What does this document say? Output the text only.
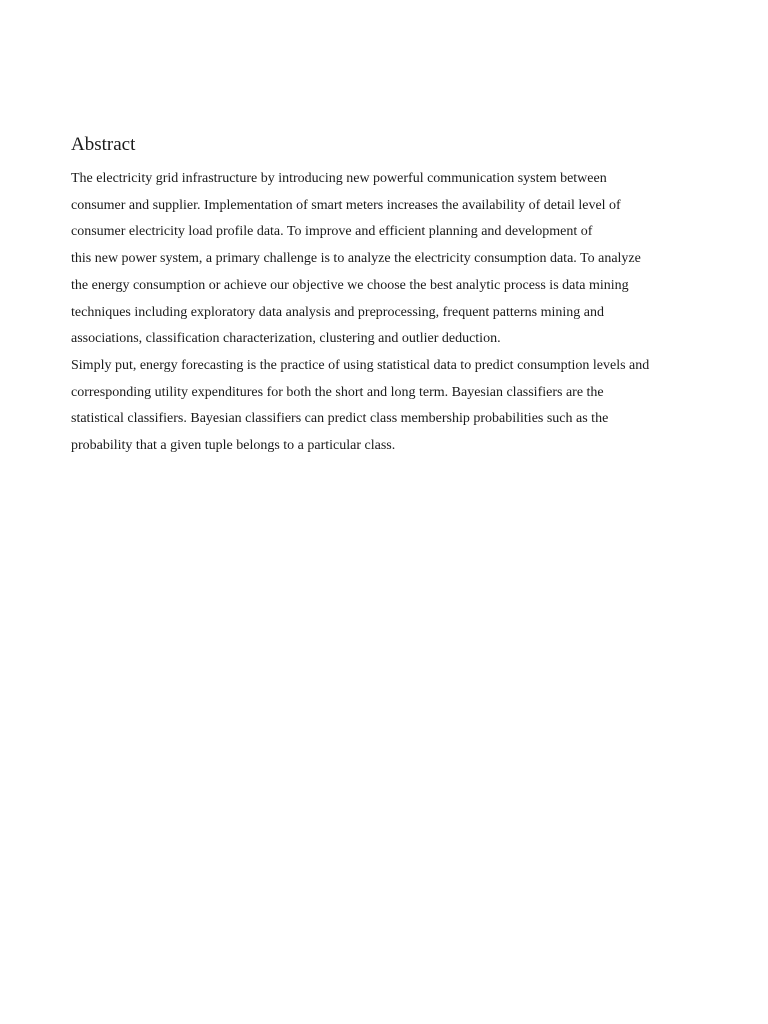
Abstract
The electricity grid infrastructure by introducing new powerful communication system between
consumer and supplier. Implementation of smart meters increases the availability of detail level of
consumer electricity load profile data. To improve and efficient planning and development of
this new power system, a primary challenge is to analyze the electricity consumption data. To analyze
the energy consumption or achieve our objective we choose the best analytic process is data mining
techniques including exploratory data analysis and preprocessing, frequent patterns mining and
associations, classification characterization, clustering and outlier deduction.
Simply put, energy forecasting is the practice of using statistical data to predict consumption levels and
corresponding utility expenditures for both the short and long term. Bayesian classifiers are the
statistical classifiers. Bayesian classifiers can predict class membership probabilities such as the
probability that a given tuple belongs to a particular class.
